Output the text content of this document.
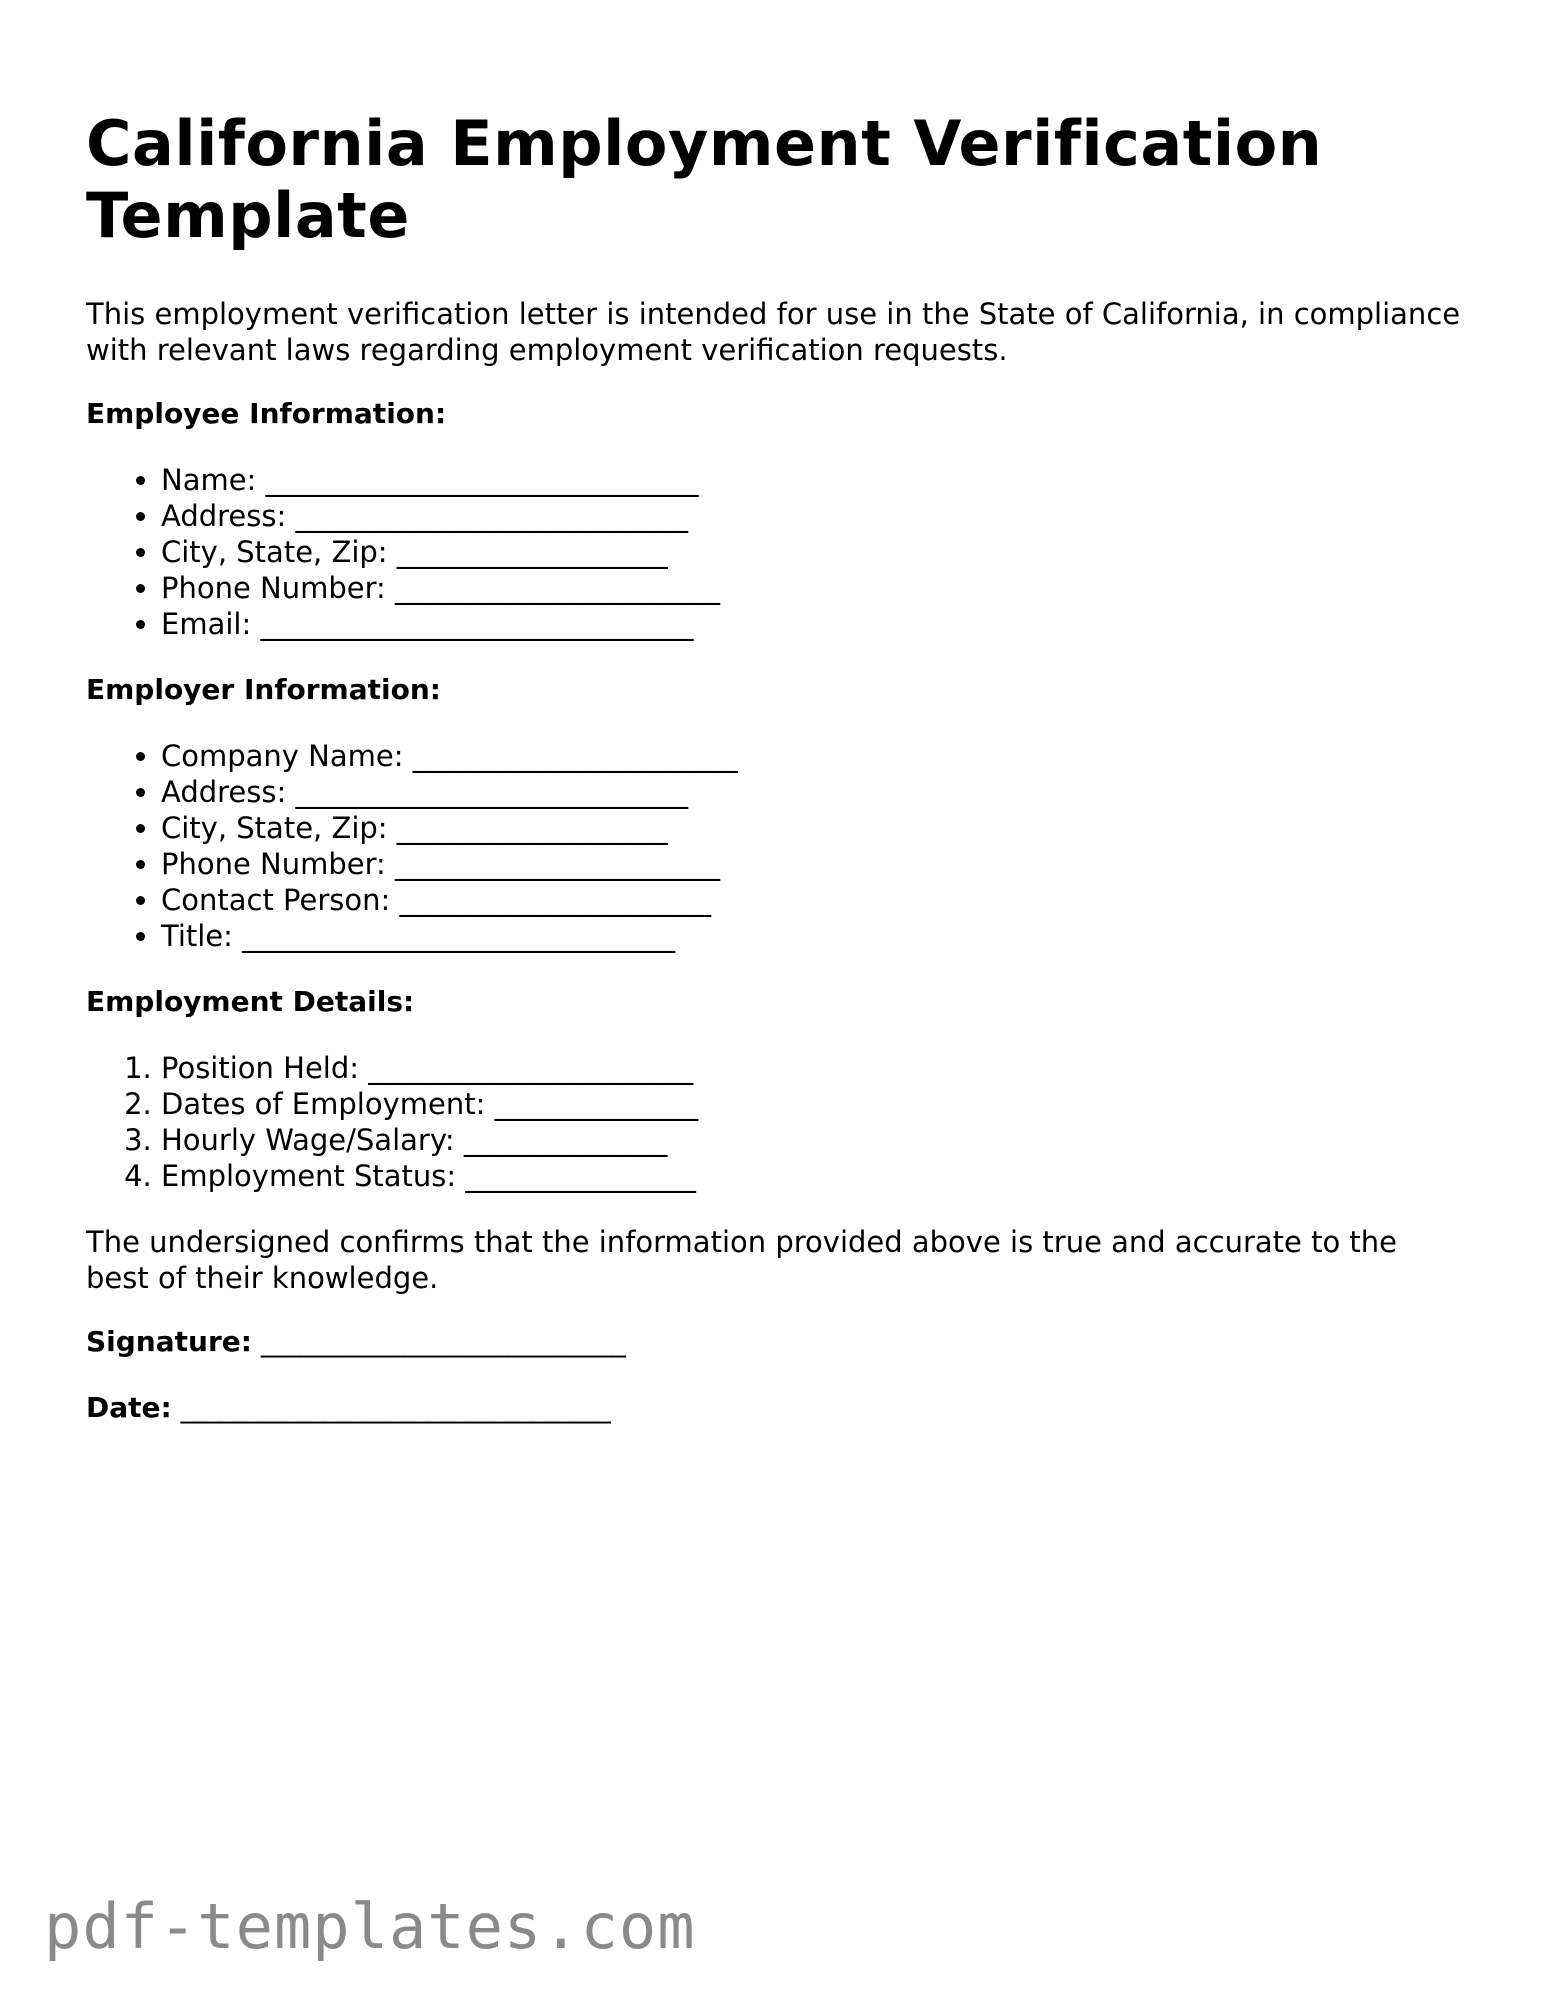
California Employment Verification Template

This employment verification letter is intended for use in the State of California, in compliance with relevant laws regarding employment verification requests.

Employee Information:

• Name: ________________________________
• Address: _____________________________
• City, State, Zip: ____________________
• Phone Number: ________________________
• Email: ________________________________

Employer Information:

• Company Name: ________________________
• Address: _____________________________
• City, State, Zip: ____________________
• Phone Number: ________________________
• Contact Person: _______________________
• Title: ________________________________

Employment Details:

1. Position Held: ________________________
2. Dates of Employment: _______________
3. Hourly Wage/Salary: _______________
4. Employment Status: _________________

The undersigned confirms that the information provided above is true and accurate to the best of their knowledge.

Signature: ____________________________

Date: _________________________________

pdf-templates.com
